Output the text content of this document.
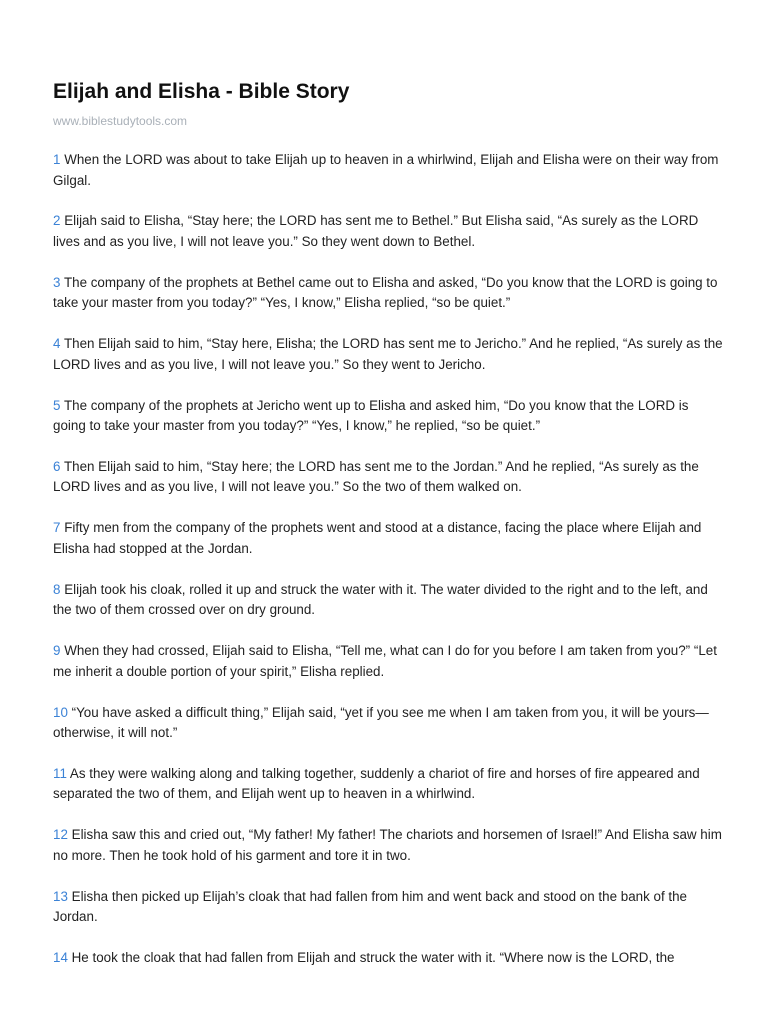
Elijah and Elisha - Bible Story
www.biblestudytools.com

1 When the LORD was about to take Elijah up to heaven in a whirlwind, Elijah and Elisha were on their way from Gilgal.

2 Elijah said to Elisha, “Stay here; the LORD has sent me to Bethel.” But Elisha said, “As surely as the LORD lives and as you live, I will not leave you.” So they went down to Bethel.

3 The company of the prophets at Bethel came out to Elisha and asked, “Do you know that the LORD is going to take your master from you today?” “Yes, I know,” Elisha replied, “so be quiet.”

4 Then Elijah said to him, “Stay here, Elisha; the LORD has sent me to Jericho.” And he replied, “As surely as the LORD lives and as you live, I will not leave you.” So they went to Jericho.

5 The company of the prophets at Jericho went up to Elisha and asked him, “Do you know that the LORD is going to take your master from you today?” “Yes, I know,” he replied, “so be quiet.”

6 Then Elijah said to him, “Stay here; the LORD has sent me to the Jordan.” And he replied, “As surely as the LORD lives and as you live, I will not leave you.” So the two of them walked on.

7 Fifty men from the company of the prophets went and stood at a distance, facing the place where Elijah and Elisha had stopped at the Jordan.

8 Elijah took his cloak, rolled it up and struck the water with it. The water divided to the right and to the left, and the two of them crossed over on dry ground.

9 When they had crossed, Elijah said to Elisha, “Tell me, what can I do for you before I am taken from you?” “Let me inherit a double portion of your spirit,” Elisha replied.

10 “You have asked a difficult thing,” Elijah said, “yet if you see me when I am taken from you, it will be yours—otherwise, it will not.”

11 As they were walking along and talking together, suddenly a chariot of fire and horses of fire appeared and separated the two of them, and Elijah went up to heaven in a whirlwind.

12 Elisha saw this and cried out, “My father! My father! The chariots and horsemen of Israel!” And Elisha saw him no more. Then he took hold of his garment and tore it in two.

13 Elisha then picked up Elijah’s cloak that had fallen from him and went back and stood on the bank of the Jordan.

14 He took the cloak that had fallen from Elijah and struck the water with it. “Where now is the LORD, the
